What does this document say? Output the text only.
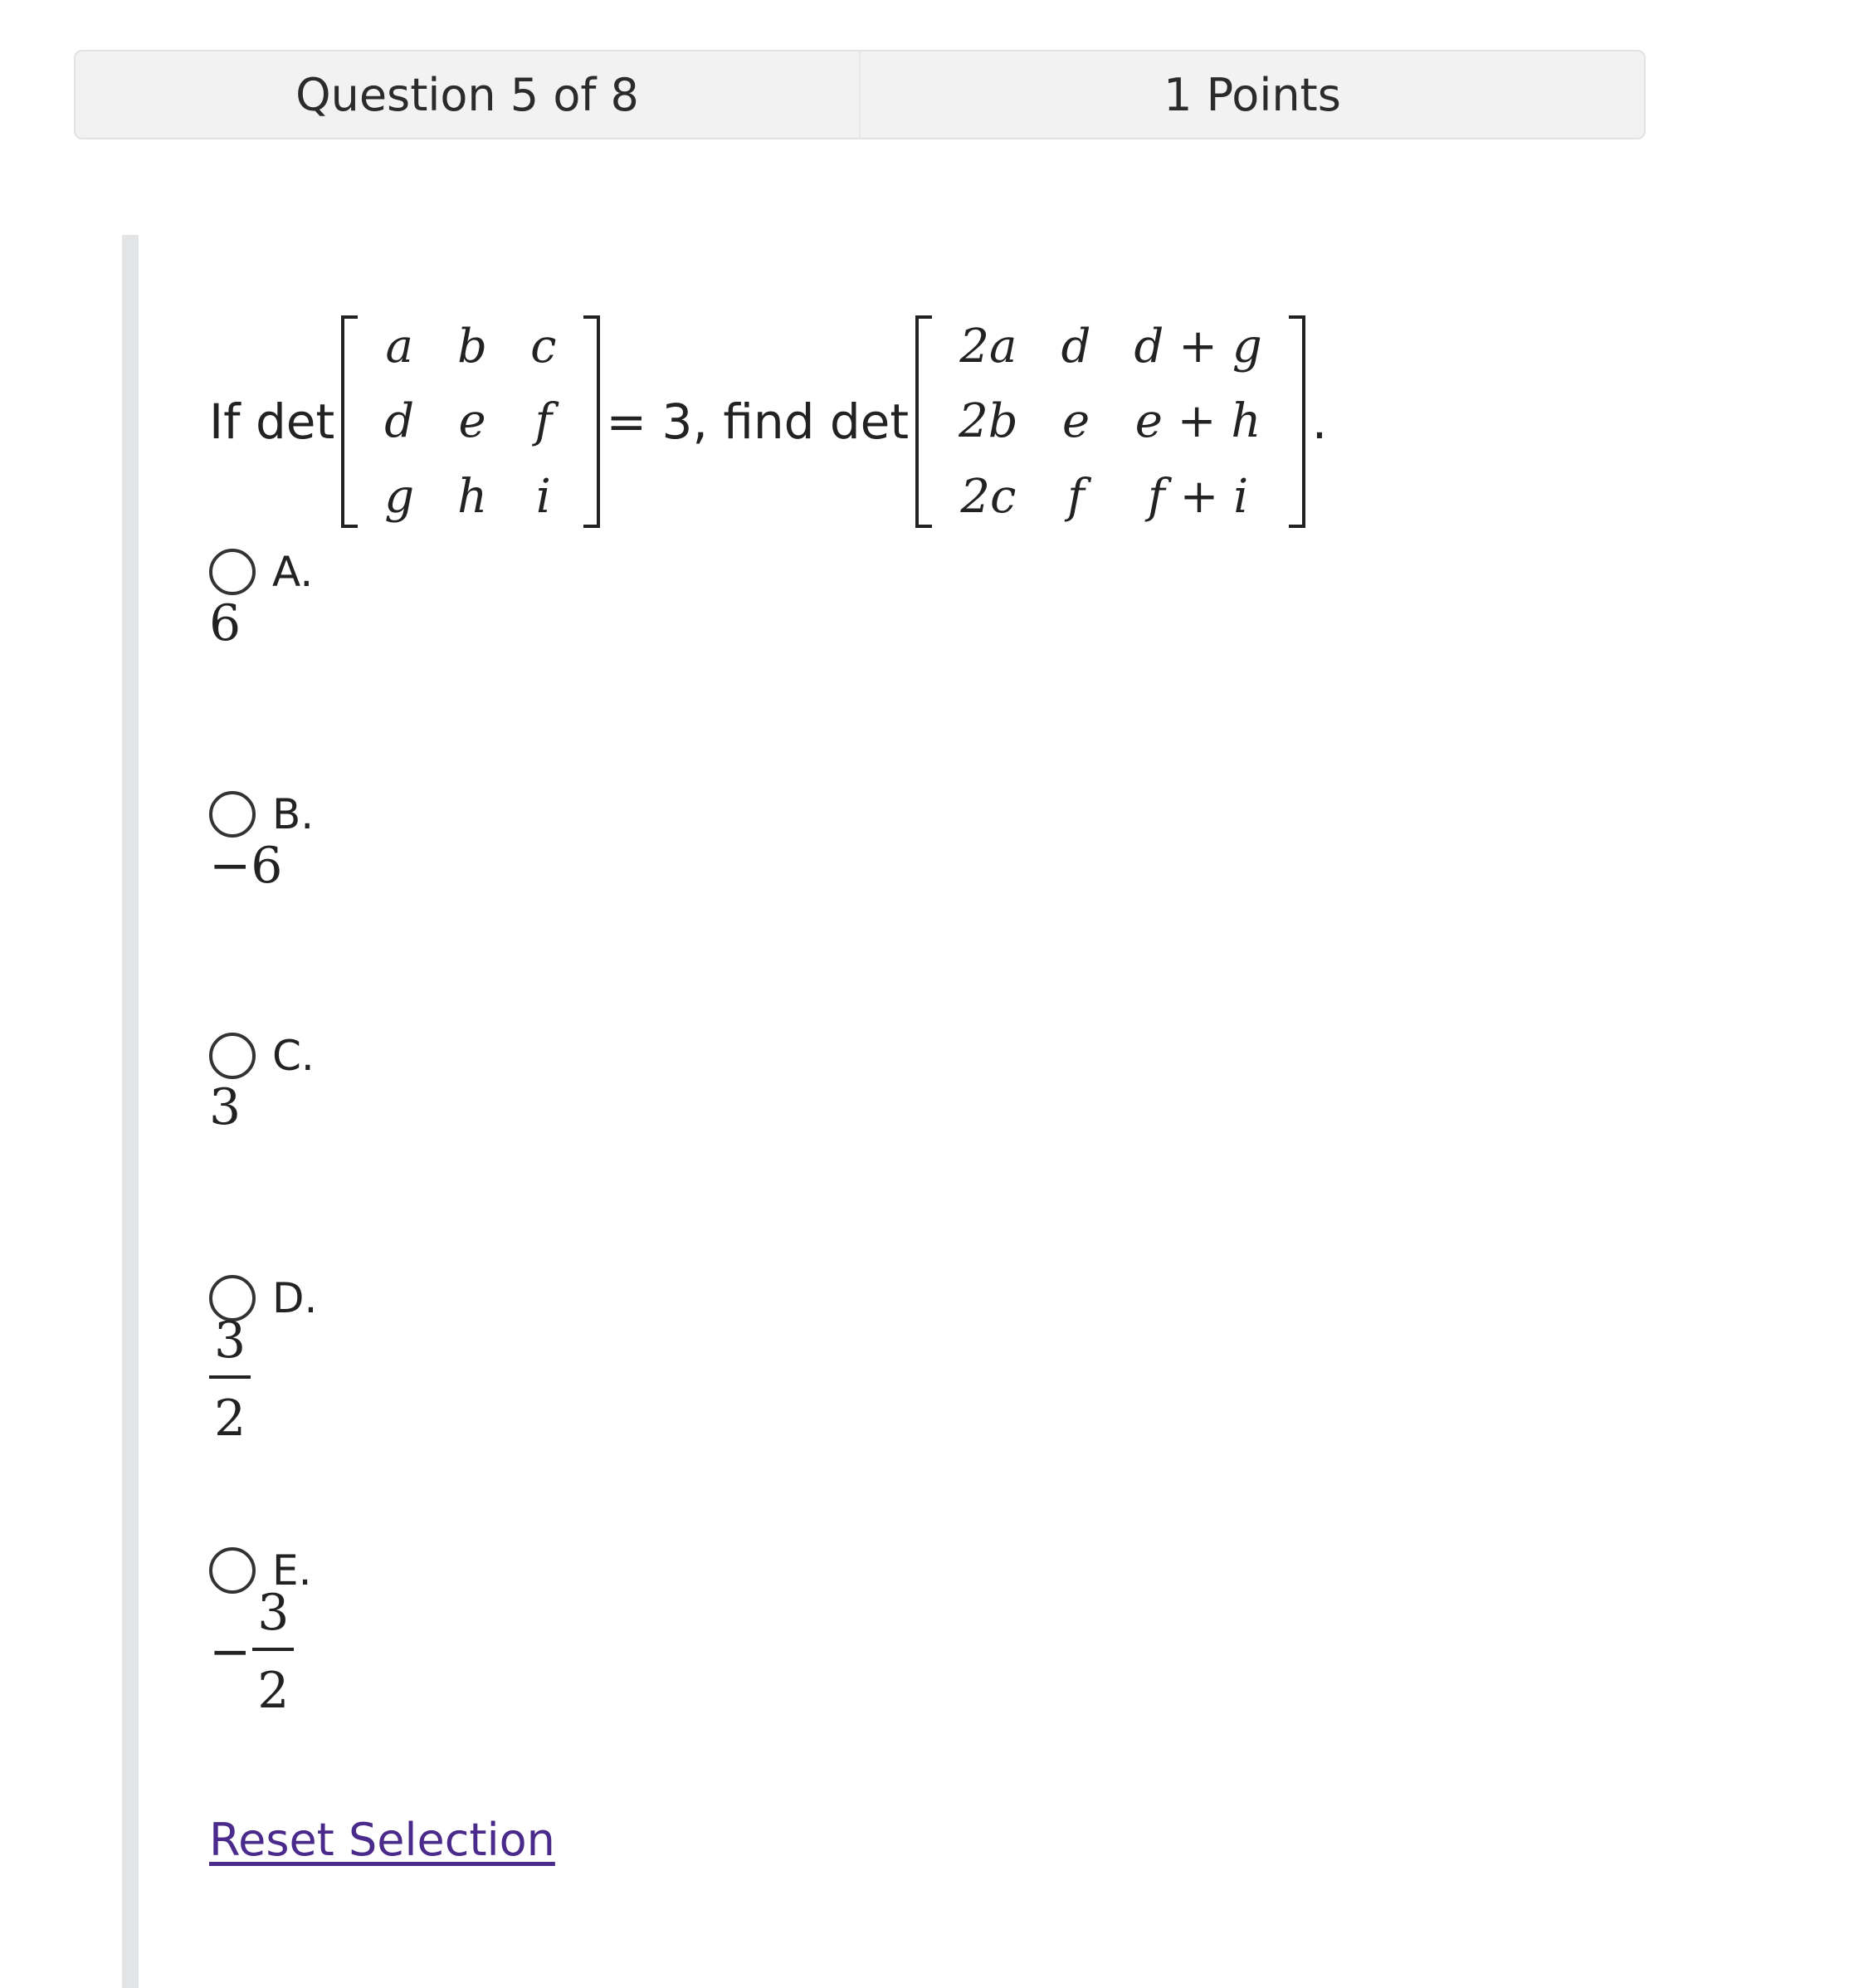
Question 5 of 8	1 Points
If det
a	b	c
d	e	f
g	h	i
= 3, find det
2a	d	d + g
2b	e	e + h
2c	f	f + i
.
A.
6
B.
−6
C.
3
D.
$\frac{3}{2}$
E.
− $\frac{3}{2}$
Reset Selection
